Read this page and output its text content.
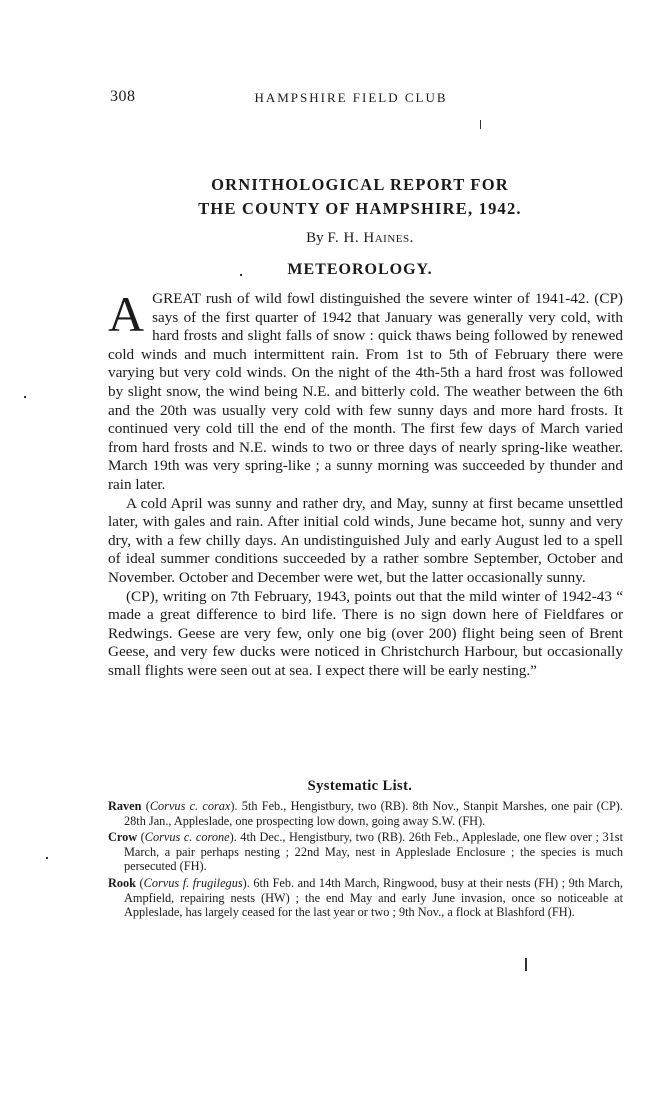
308	HAMPSHIRE FIELD CLUB
ORNITHOLOGICAL REPORT FOR
THE COUNTY OF HAMPSHIRE, 1942.
By F. H. Haines.
METEOROLOGY.

A GREAT rush of wild fowl distinguished the severe winter of 1941-42. (CP) says of the first quarter of 1942 that January was generally very cold, with hard frosts and slight falls of snow : quick thaws being followed by renewed cold winds and much intermittent rain. From 1st to 5th of February there were varying but very cold winds. On the night of the 4th-5th a hard frost was followed by slight snow, the wind being N.E. and bitterly cold. The weather between the 6th and the 20th was usually very cold with few sunny days and more hard frosts. It continued very cold till the end of the month. The first few days of March varied from hard frosts and N.E. winds to two or three days of nearly spring-like weather. March 19th was very spring-like ; a sunny morning was succeeded by thunder and rain later.

A cold April was sunny and rather dry, and May, sunny at first became unsettled later, with gales and rain. After initial cold winds, June became hot, sunny and very dry, with a few chilly days. An undistinguished July and early August led to a spell of ideal summer conditions succeeded by a rather sombre September, October and November. October and December were wet, but the latter occasionally sunny.

(CP), writing on 7th February, 1943, points out that the mild winter of 1942-43 “ made a great difference to bird life. There is no sign down here of Fieldfares or Redwings. Geese are very few, only one big (over 200) flight being seen of Brent Geese, and very few ducks were noticed in Christchurch Harbour, but occasionally small flights were seen out at sea. I expect there will be early nesting.”

Systematic List.

Raven (Corvus c. corax). 5th Feb., Hengistbury, two (RB). 8th Nov., Stanpit Marshes, one pair (CP). 28th Jan., Appleslade, one prospecting low down, going away S.W. (FH).

Crow (Corvus c. corone). 4th Dec., Hengistbury, two (RB). 26th Feb., Appleslade, one flew over ; 31st March, a pair perhaps nesting ; 22nd May, nest in Appleslade Enclosure ; the species is much persecuted (FH).

Rook (Corvus f. frugilegus). 6th Feb. and 14th March, Ringwood, busy at their nests (FH) ; 9th March, Ampfield, repairing nests (HW) ; the end May and early June invasion, once so noticeable at Appleslade, has largely ceased for the last year or two ; 9th Nov., a flock at Blashford (FH).
